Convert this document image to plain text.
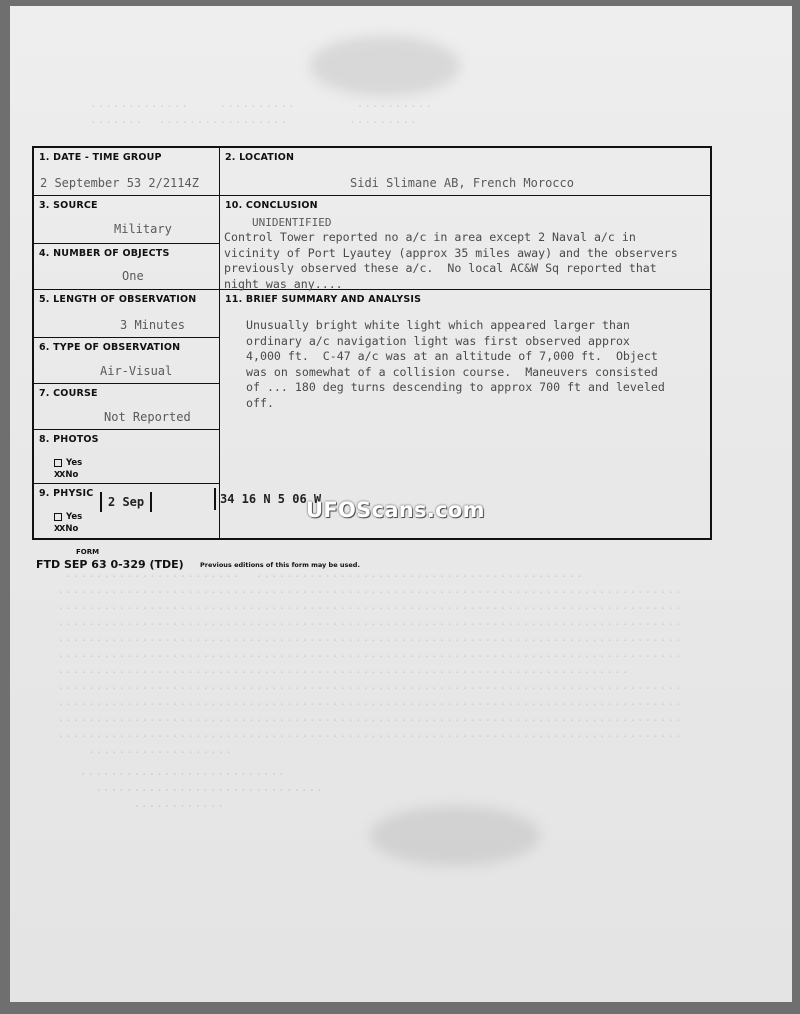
.............    ..........        ..........
.......  .................        .........
.......................  ...........................................
..................................................................................
..................................................................................
..................................................................................
..................................................................................
..................................................................................
...........................................................................
..................................................................................
..................................................................................
..................................................................................
..................................................................................
...................

...........................
..............................
............
1. DATE - TIME GROUP
2 September 53 2/2114Z
3. SOURCE
Military
4. NUMBER OF OBJECTS
One
5. LENGTH OF OBSERVATION
3 Minutes
6. TYPE OF OBSERVATION
Air-Visual
7. COURSE
Not Reported
8. PHOTOS
Yes
XXNo
9. PHYSIC
Yes
XXNo
2 Sep	34 16 N 5 06 W
2. LOCATION
Sidi Slimane AB, French Morocco
10. CONCLUSION
UNIDENTIFIED
Control Tower reported no a/c in area except 2 Naval a/c in
vicinity of Port Lyautey (approx 35 miles away) and the observers
previously observed these a/c.  No local AC&W Sq reported that
night was any....
11. BRIEF SUMMARY AND ANALYSIS
Unusually bright white light which appeared larger than
ordinary a/c navigation light was first observed approx
4,000 ft.  C-47 a/c was at an altitude of 7,000 ft.  Object
was on somewhat of a collision course.  Maneuvers consisted
of ... 180 deg turns descending to approx 700 ft and leveled
off.
FORM
FTD SEP 63 0-329 (TDE)	Previous editions of this form may be used.
UFOScans.com
